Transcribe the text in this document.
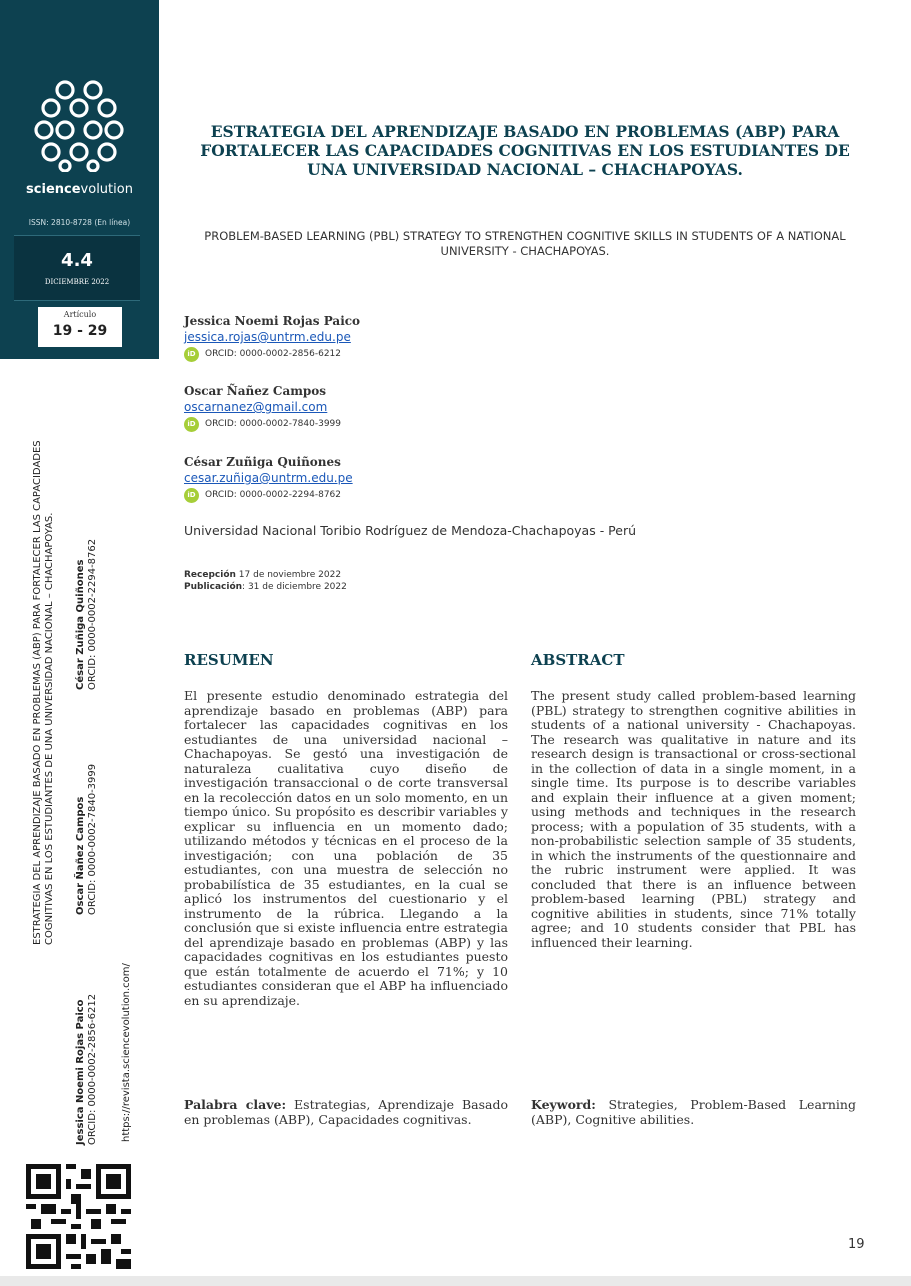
sciencevolution
ISSN: 2810-8728 (En línea)
4.4
DICIEMBRE 2022
Artículo
19 - 29
ESTRATEGIA DEL APRENDIZAJE BASADO EN PROBLEMAS (ABP) PARA FORTALECER LAS CAPACIDADES COGNITIVAS EN LOS ESTUDIANTES DE UNA UNIVERSIDAD NACIONAL – CHACHAPOYAS.
Jessica Noemi Rojas Paico ORCID: 0000-0002-2856-6212
Oscar Ñañez Campos ORCID: 0000-0002-7840-3999
César Zuñiga Quiñones ORCID: 0000-0002-2294-8762
https://revista.sciencevolution.com/
ESTRATEGIA DEL APRENDIZAJE BASADO EN PROBLEMAS (ABP) PARA FORTALECER LAS CAPACIDADES COGNITIVAS EN LOS ESTUDIANTES DE UNA UNIVERSIDAD NACIONAL – CHACHAPOYAS.
PROBLEM-BASED LEARNING (PBL) STRATEGY TO STRENGTHEN COGNITIVE SKILLS IN STUDENTS OF A NATIONAL UNIVERSITY - CHACHAPOYAS.
Jessica Noemi Rojas Paico
jessica.rojas@untrm.edu.pe
iD	ORCID: 0000-0002-2856-6212
Oscar Ñañez Campos
oscarnanez@gmail.com
iD	ORCID: 0000-0002-7840-3999
César Zuñiga Quiñones
cesar.zuñiga@untrm.edu.pe
iD	ORCID: 0000-0002-2294-8762
Universidad Nacional Toribio Rodríguez de Mendoza-Chachapoyas - Perú
Recepción 17 de noviembre 2022
Publicación: 31 de diciembre 2022
RESUMEN
El presente estudio denominado estrategia del aprendizaje basado en problemas (ABP) para fortalecer las capacidades cognitivas en los estudiantes de una universidad nacional – Chachapoyas. Se gestó una investigación de naturaleza cualitativa cuyo diseño de investigación transaccional o de corte transversal en la recolección datos en un solo momento, en un tiempo único. Su propósito es describir variables y explicar su influencia en un momento dado; utilizando métodos y técnicas en el proceso de la investigación; con una población de 35 estudiantes, con una muestra de selección no probabilística de 35 estudiantes, en la cual se aplicó los instrumentos del cuestionario y el instrumento de la rúbrica. Llegando a la conclusión que si existe influencia entre estrategia del aprendizaje basado en problemas (ABP) y las capacidades cognitivas en los estudiantes puesto que están totalmente de acuerdo el 71%; y 10 estudiantes consideran que el ABP ha influenciado en su aprendizaje.
Palabra clave: Estrategias, Aprendizaje Basado en problemas (ABP), Capacidades cognitivas.
ABSTRACT
The present study called problem-based learning (PBL) strategy to strengthen cognitive abilities in students of a national university - Chachapoyas. The research was qualitative in nature and its research design is transactional or cross-sectional in the collection of data in a single moment, in a single time. Its purpose is to describe variables and explain their influence at a given moment; using methods and techniques in the research process; with a population of 35 students, with a non-probabilistic selection sample of 35 students, in which the instruments of the questionnaire and the rubric instrument were applied. It was concluded that there is an influence between problem-based learning (PBL) strategy and cognitive abilities in students, since 71% totally agree; and 10 students consider that PBL has influenced their learning.
Keyword: Strategies, Problem-Based Learning (ABP), Cognitive abilities.
19
